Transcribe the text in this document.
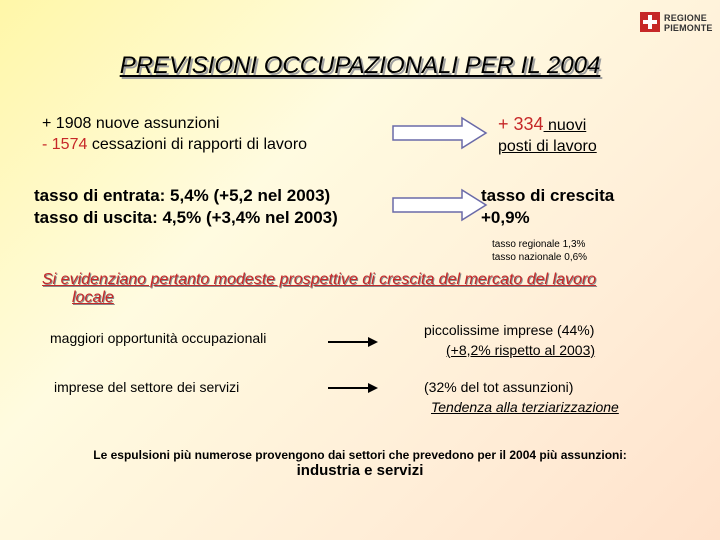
REGIONE
PIEMONTE
PREVISIONI OCCUPAZIONALI PER IL 2004
+ 1908 nuove assunzioni
- 1574 cessazioni di rapporti di lavoro
+ 334 nuovi
posti di lavoro
tasso di entrata: 5,4% (+5,2 nel 2003)
tasso di uscita: 4,5% (+3,4% nel 2003)
tasso di crescita
+0,9%
tasso regionale 1,3%
tasso nazionale 0,6%
Si evidenziano pertanto modeste prospettive di crescita del mercato del lavoro
locale
maggiori opportunità occupazionali	piccolissime imprese (44%)
(+8,2% rispetto al 2003)
imprese del settore dei servizi	(32% del tot assunzioni)
Tendenza alla terziarizzazione
Le espulsioni più numerose provengono dai settori che prevedono per il 2004 più assunzioni:
industria e servizi
